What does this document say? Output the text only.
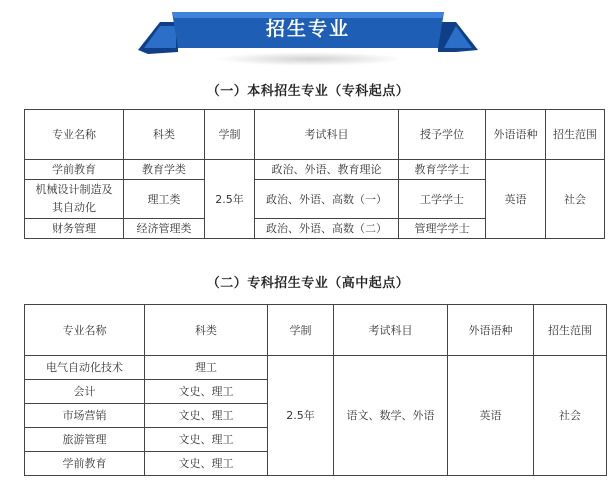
招生专业
（一）本科招生专业（专科起点）
专业名称	科类	学制	考试科目	授予学位	外语语种	招生范围
学前教育	教育学类	2.5年	政治、外语、教育理论	教育学学士	英语	社会
机械设计制造及
其自动化	理工类		政治、外语、高数（一）	工学学士		
财务管理	经济管理类		政治、外语、高数（二）	管理学学士		
（二）专科招生专业（高中起点）
专业名称	科类	学制	考试科目	外语语种	招生范围
电气自动化技术	理工	2.5年	语文、数学、外语	英语	社会
会计	文史、理工				
市场营销	文史、理工				
旅游管理	文史、理工				
学前教育	文史、理工				
